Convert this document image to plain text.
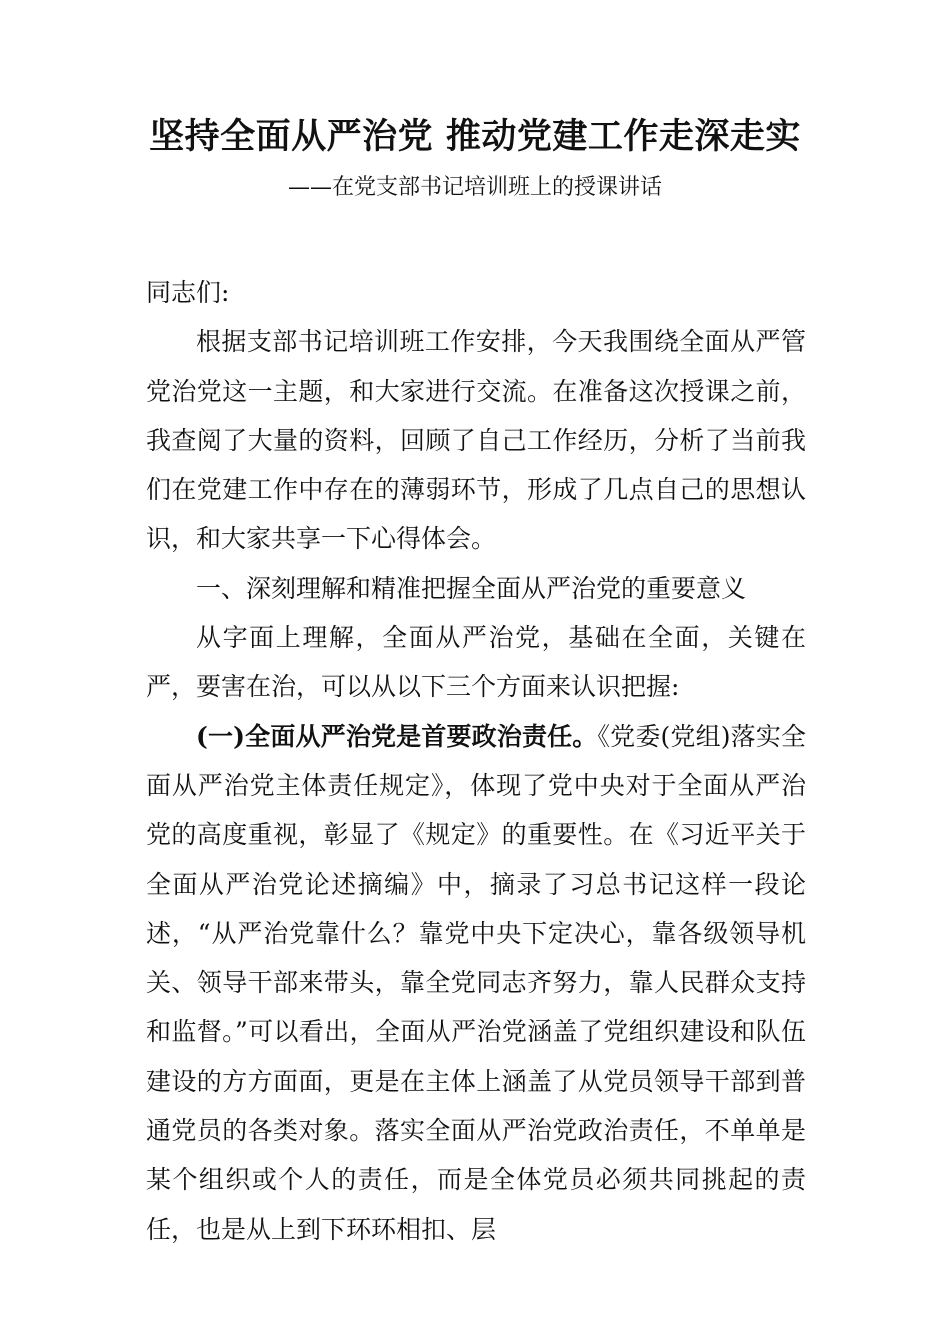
坚持全面从严治党 推动党建工作走深走实
——在党支部书记培训班上的授课讲话

同志们:

根据支部书记培训班工作安排，今天我围绕全面从严管党治党这一主题，和大家进行交流。在准备这次授课之前，我查阅了大量的资料，回顾了自己工作经历，分析了当前我们在党建工作中存在的薄弱环节，形成了几点自己的思想认识，和大家共享一下心得体会。

一、深刻理解和精准把握全面从严治党的重要意义

从字面上理解，全面从严治党，基础在全面，关键在严，要害在治，可以从以下三个方面来认识把握:

(一)全面从严治党是首要政治责任。《党委(党组)落实全面从严治党主体责任规定》，体现了党中央对于全面从严治党的高度重视，彰显了《规定》的重要性。在《习近平关于全面从严治党论述摘编》中，摘录了习总书记这样一段论述，“从严治党靠什么？靠党中央下定决心，靠各级领导机关、领导干部来带头，靠全党同志齐努力，靠人民群众支持和监督。”可以看出，全面从严治党涵盖了党组织建设和队伍建设的方方面面，更是在主体上涵盖了从党员领导干部到普通党员的各类对象。落实全面从严治党政治责任，不单单是某个组织或个人的责任，而是全体党员必须共同挑起的责任，也是从上到下环环相扣、层
